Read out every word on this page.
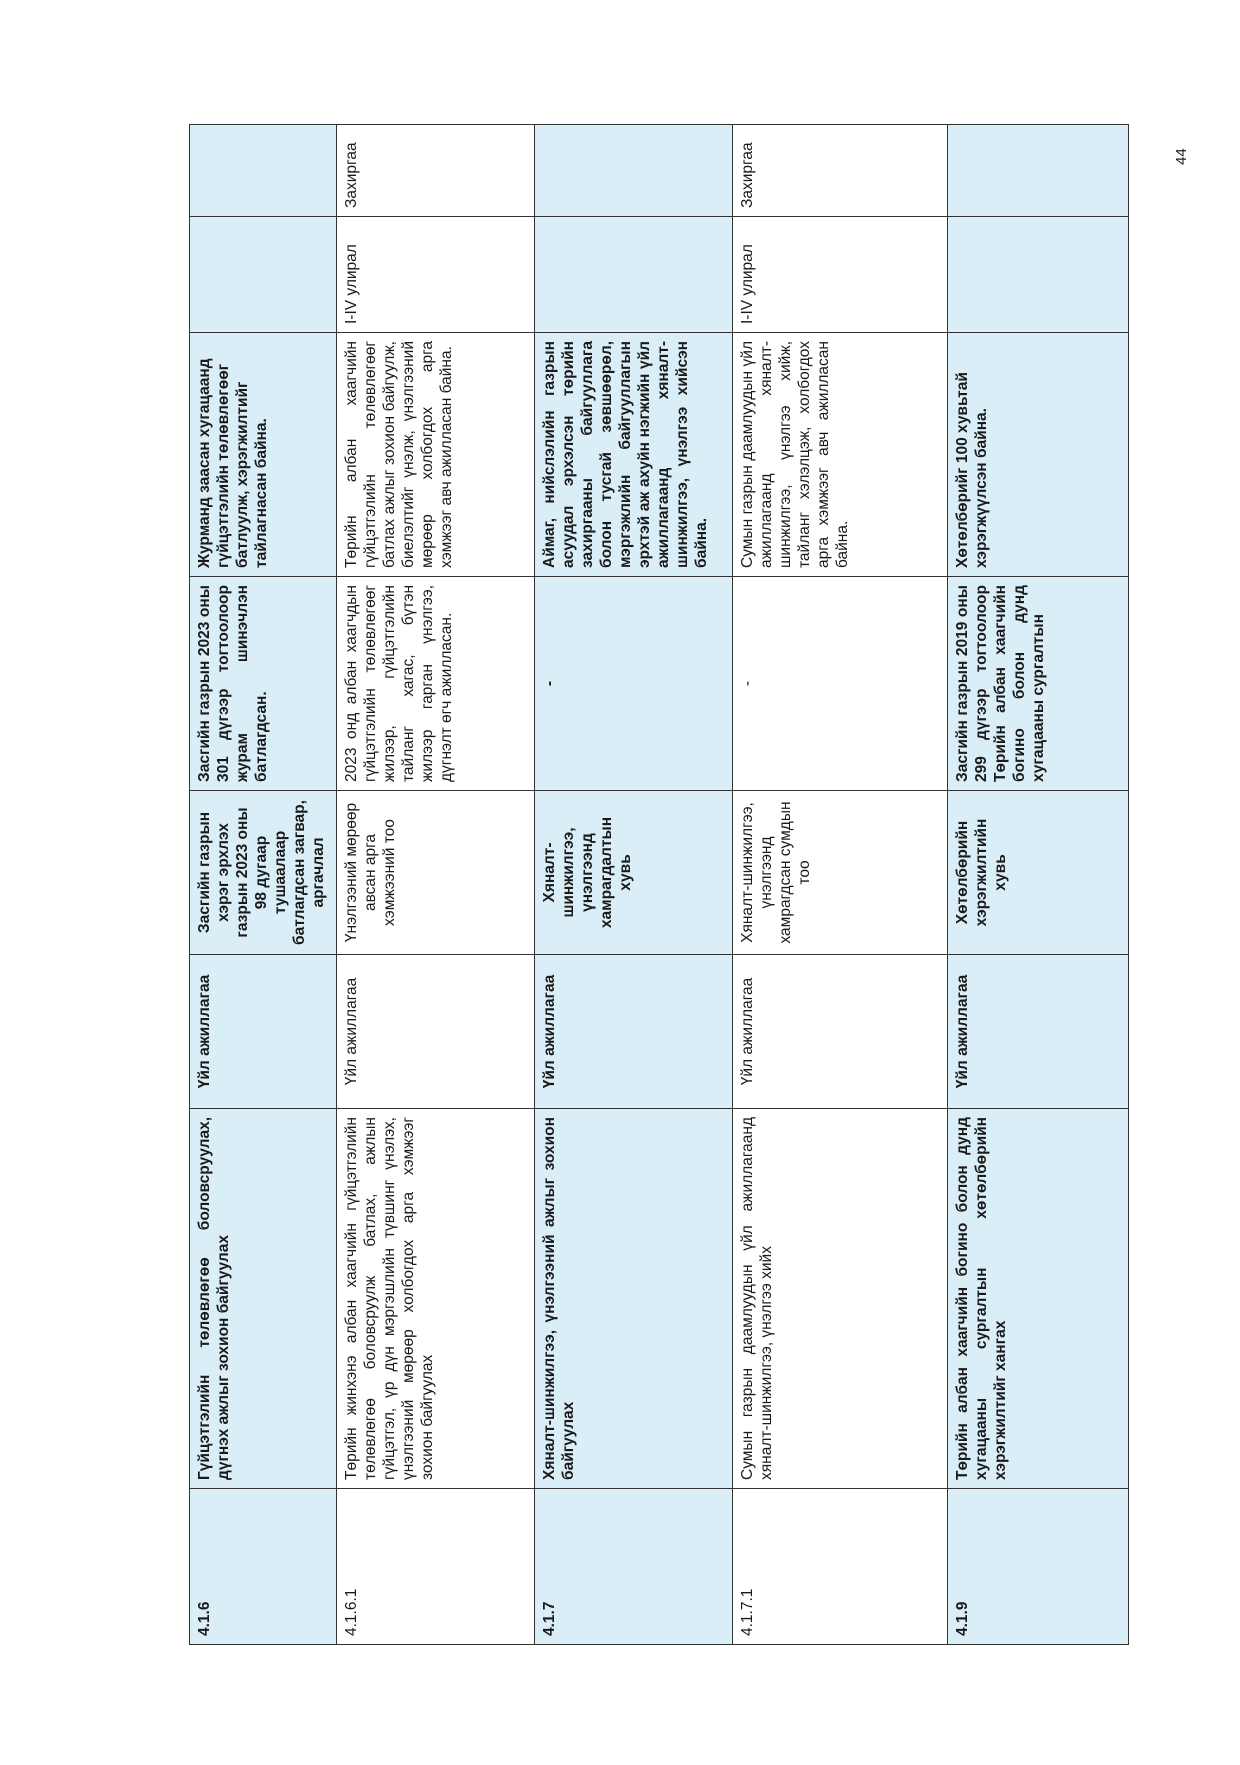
4.1.6	Гүйцэтгэлийн төлөвлөгөө боловсруулах, дүгнэх ажлыг зохион байгуулах	Үйл ажиллагаа	Засгийн газрын хэрэг эрхлэх газрын 2023 оны 98 дугаар тушаалаар батлагдсан загвар, аргачлал	Засгийн газрын 2023 оны 301 дүгээр тогтоолоор журам шинэчлэн батлагдсан.	Журманд заасан хугацаанд гүйцэтгэлийн төлөвлөгөөг батлуулж, хэрэгжилтийг тайлагнасан байна.		
4.1.6.1	Төрийн жинхэнэ албан хаагчийн гүйцэтгэлийн төлөвлөгөө боловсруулж батлах, ажлын гүйцэтгэл, үр дүн мэргэшлийн түвшинг үнэлэх, үнэлгээний мөрөөр холбогдох арга хэмжээг зохион байгуулах	Үйл ажиллагаа	Үнэлгээний мөрөөр авсан арга хэмжээний тоо	2023 онд албан хаагчдын гүйцэтгэлийн төлөвлөгөөг жилээр, гүйцэтгэлийн тайланг хагас, бүтэн жилээр гарган үнэлгээ, дүгнэлт өгч ажилласан.	Төрийн албан хаагчийн гүйцэтгэлийн төлөвлөгөөг батлах ажлыг зохион байгуулж, биелэлтийг үнэлж, үнэлгээний мөрөөр холбогдох арга хэмжээг авч ажилласан байна.	I-IV улирал	Захиргаа
4.1.7	Хяналт-шинжилгээ, үнэлгээний ажлыг зохион байгуулах	Үйл ажиллагаа	Хяналт-шинжилгээ, үнэлгээнд хамрагдалтын хувь	-	Аймаг, нийслэлийн газрын асуудал эрхэлсэн төрийн захиргааны байгууллага болон тусгай зөвшөөрөл, мэргэжлийн байгууллагын эрхтэй аж ахуйн нэгжийн үйл ажиллагаанд хяналт-шинжилгээ, үнэлгээ хийсэн байна.		
4.1.7.1	Сумын газрын даамлуудын үйл ажиллагаанд хяналт-шинжилгээ, үнэлгээ хийх	Үйл ажиллагаа	Хяналт-шинжилгээ, үнэлгээнд хамрагдсан сумдын тоо	-	Сумын газрын даамлуудын үйл ажиллагаанд хяналт-шинжилгээ, үнэлгээ хийж, тайланг хэлэлцэж, холбогдох арга хэмжээг авч ажилласан байна.	I-IV улирал	Захиргаа
4.1.9	Төрийн албан хаагчийн богино болон дунд хугацааны сургалтын хөтөлбөрийн хэрэгжилтийг хангах	Үйл ажиллагаа	Хөтөлбөрийн хэрэгжилтийн хувь	Засгийн газрын 2019 оны 299 дүгээр тогтоолоор Төрийн албан хаагчийн богино болон дунд хугацааны сургалтын	Хөтөлбөрийг 100 хувьтай хэрэгжүүлсэн байна.		
44
